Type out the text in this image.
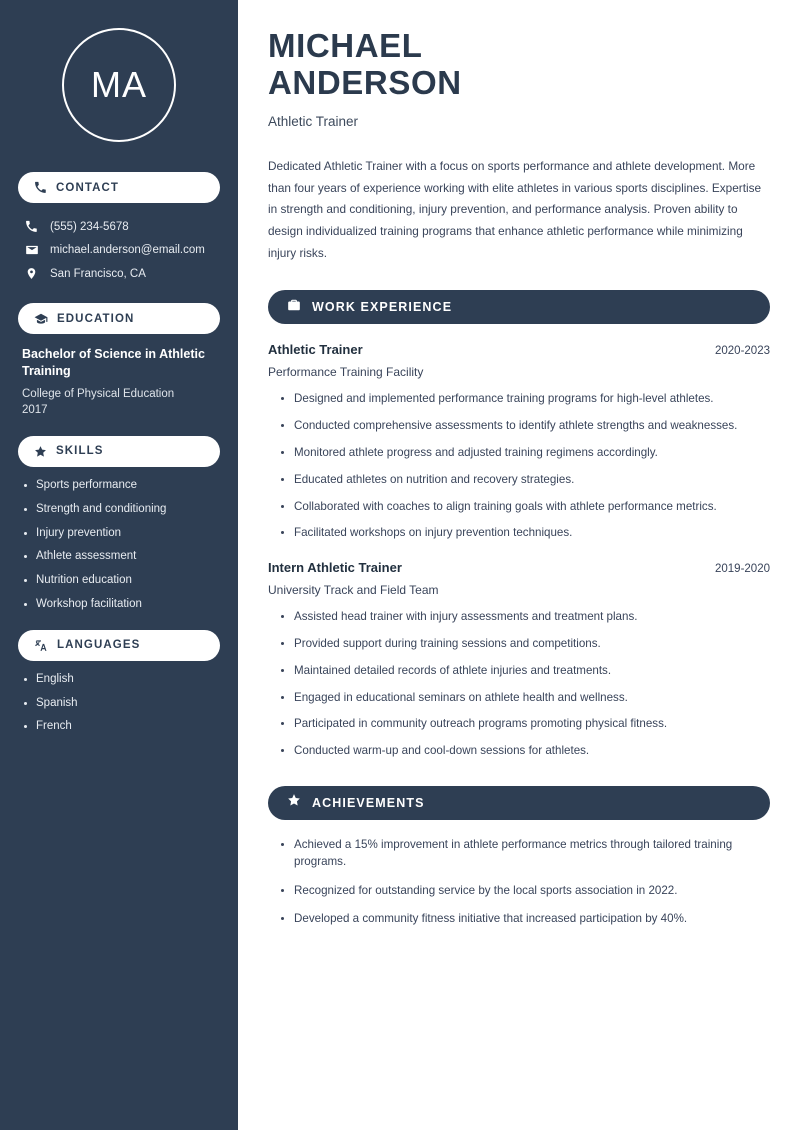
MA
CONTACT
(555) 234-5678
michael.anderson@email.com
San Francisco, CA
EDUCATION
Bachelor of Science in Athletic Training
College of Physical Education
2017
SKILLS
Sports performance
Strength and conditioning
Injury prevention
Athlete assessment
Nutrition education
Workshop facilitation
LANGUAGES
English
Spanish
French
MICHAEL
ANDERSON
Athletic Trainer

Dedicated Athletic Trainer with a focus on sports performance and athlete development. More than four years of experience working with elite athletes in various sports disciplines. Expertise in strength and conditioning, injury prevention, and performance analysis. Proven ability to design individualized training programs that enhance athletic performance while minimizing injury risks.

WORK EXPERIENCE
Athletic Trainer	2020-2023
Performance Training Facility
Designed and implemented performance training programs for high-level athletes.
Conducted comprehensive assessments to identify athlete strengths and weaknesses.
Monitored athlete progress and adjusted training regimens accordingly.
Educated athletes on nutrition and recovery strategies.
Collaborated with coaches to align training goals with athlete performance metrics.
Facilitated workshops on injury prevention techniques.
Intern Athletic Trainer	2019-2020
University Track and Field Team
Assisted head trainer with injury assessments and treatment plans.
Provided support during training sessions and competitions.
Maintained detailed records of athlete injuries and treatments.
Engaged in educational seminars on athlete health and wellness.
Participated in community outreach programs promoting physical fitness.
Conducted warm-up and cool-down sessions for athletes.
ACHIEVEMENTS
Achieved a 15% improvement in athlete performance metrics through tailored training programs.
Recognized for outstanding service by the local sports association in 2022.
Developed a community fitness initiative that increased participation by 40%.
